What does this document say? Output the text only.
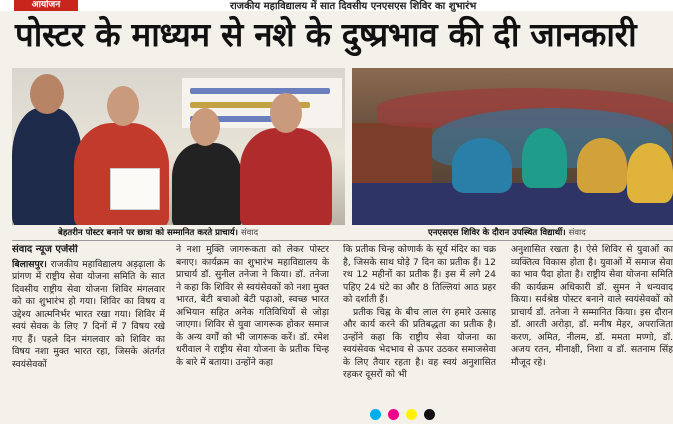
आयोजन	राजकीय महाविद्यालय में सात दिवसीय एनएसएस शिविर का शुभारंभ
पोस्टर के माध्यम से नशे के दुष्प्रभाव की दी जानकारी
बेहतरीन पोस्टर बनाने पर छात्रा को सम्मानित करते प्राचार्य। संवाद	एनएसएस शिविर के दौरान उपस्थित विद्यार्थी। संवाद
संवाद न्यूज एजेंसी
बिलासपुर। राजकीय महाविद्यालय अड़ढ़ाला के प्रांगण में राष्ट्रीय सेवा योजना समिति के सात दिवसीय राष्ट्रीय सेवा योजना शिविर मंगलवार को का शुभारंभ हो गया। शिविर का विषय व उद्देश्य आत्मनिर्भर भारत रखा गया। शिविर में स्वयं सेवक के लिए 7 दिनों में 7 विषय रखे गए हैं। पहले दिन मंगलवार को शिविर का विषय नशा मुक्त भारत रहा, जिसके अंतर्गत स्वयंसेवकों
ने नशा मुक्ति जागरूकता को लेकर पोस्टर बनाए। कार्यक्रम का शुभारंभ महाविद्यालय के प्राचार्य डॉ. सुनील तनेजा ने किया। डॉ. तनेजा ने कहा कि शिविर से स्वयंसेवकों को नशा मुक्त भारत, बेटी बचाओ बेटी पढ़ाओ, स्वच्छ भारत अभियान सहित अनेक गतिविधियों से जोड़ा जाएगा। शिविर से युवा जागरूक होकर समाज के अन्य वर्गों को भी जागरूक करें। डॉ. रमेश धरीवाल ने राष्ट्रीय सेवा योजना के प्रतीक चिन्ह के बारे में बताया। उन्होंने कहा
कि प्रतीक चिन्ह कोणार्क के सूर्य मंदिर का चक्र है, जिसके साथ घोड़े 7 दिन का प्रतीक हैं। 12 रथ 12 महीनों का प्रतीक हैं। इस में लगे 24 पहिए 24 घंटे का और 8 तिल्लियां आठ प्रहर को दर्शाती हैं।
प्रतीक चिह्न के बीच लाल रंग हमारे उत्साह और कार्य करने की प्रतिबद्धता का प्रतीक है। उन्होंने कहा कि राष्ट्रीय सेवा योजना का स्वयंसेवक भेदभाव से ऊपर उठकर समाजसेवा के लिए तैयार रहता है। वह स्वयं अनुशासित रहकर दूसरों को भी
अनुशासित रखता है। ऐसे शिविर से युवाओं का व्यक्तित्व विकास होता है। युवाओं में समाज सेवा का भाव पैदा होता है। राष्ट्रीय सेवा योजना समिति की कार्यक्रम अधिकारी डॉ. सुमन ने धन्यवाद किया। सर्वश्रेष्ठ पोस्टर बनाने वाले स्वयंसेवकों को प्राचार्य डॉ. तनेजा ने सम्मानित किया। इस दौरान डॉ. आरती अरोड़ा, डॉ. मनीष मेहर, अपराजिता करण, अमित, नीलम, डॉ. ममता मण्गो, डॉ. अजय रतन, मीनाक्षी, निशा व डॉ. सतनाम सिंह मौजूद रहे।
